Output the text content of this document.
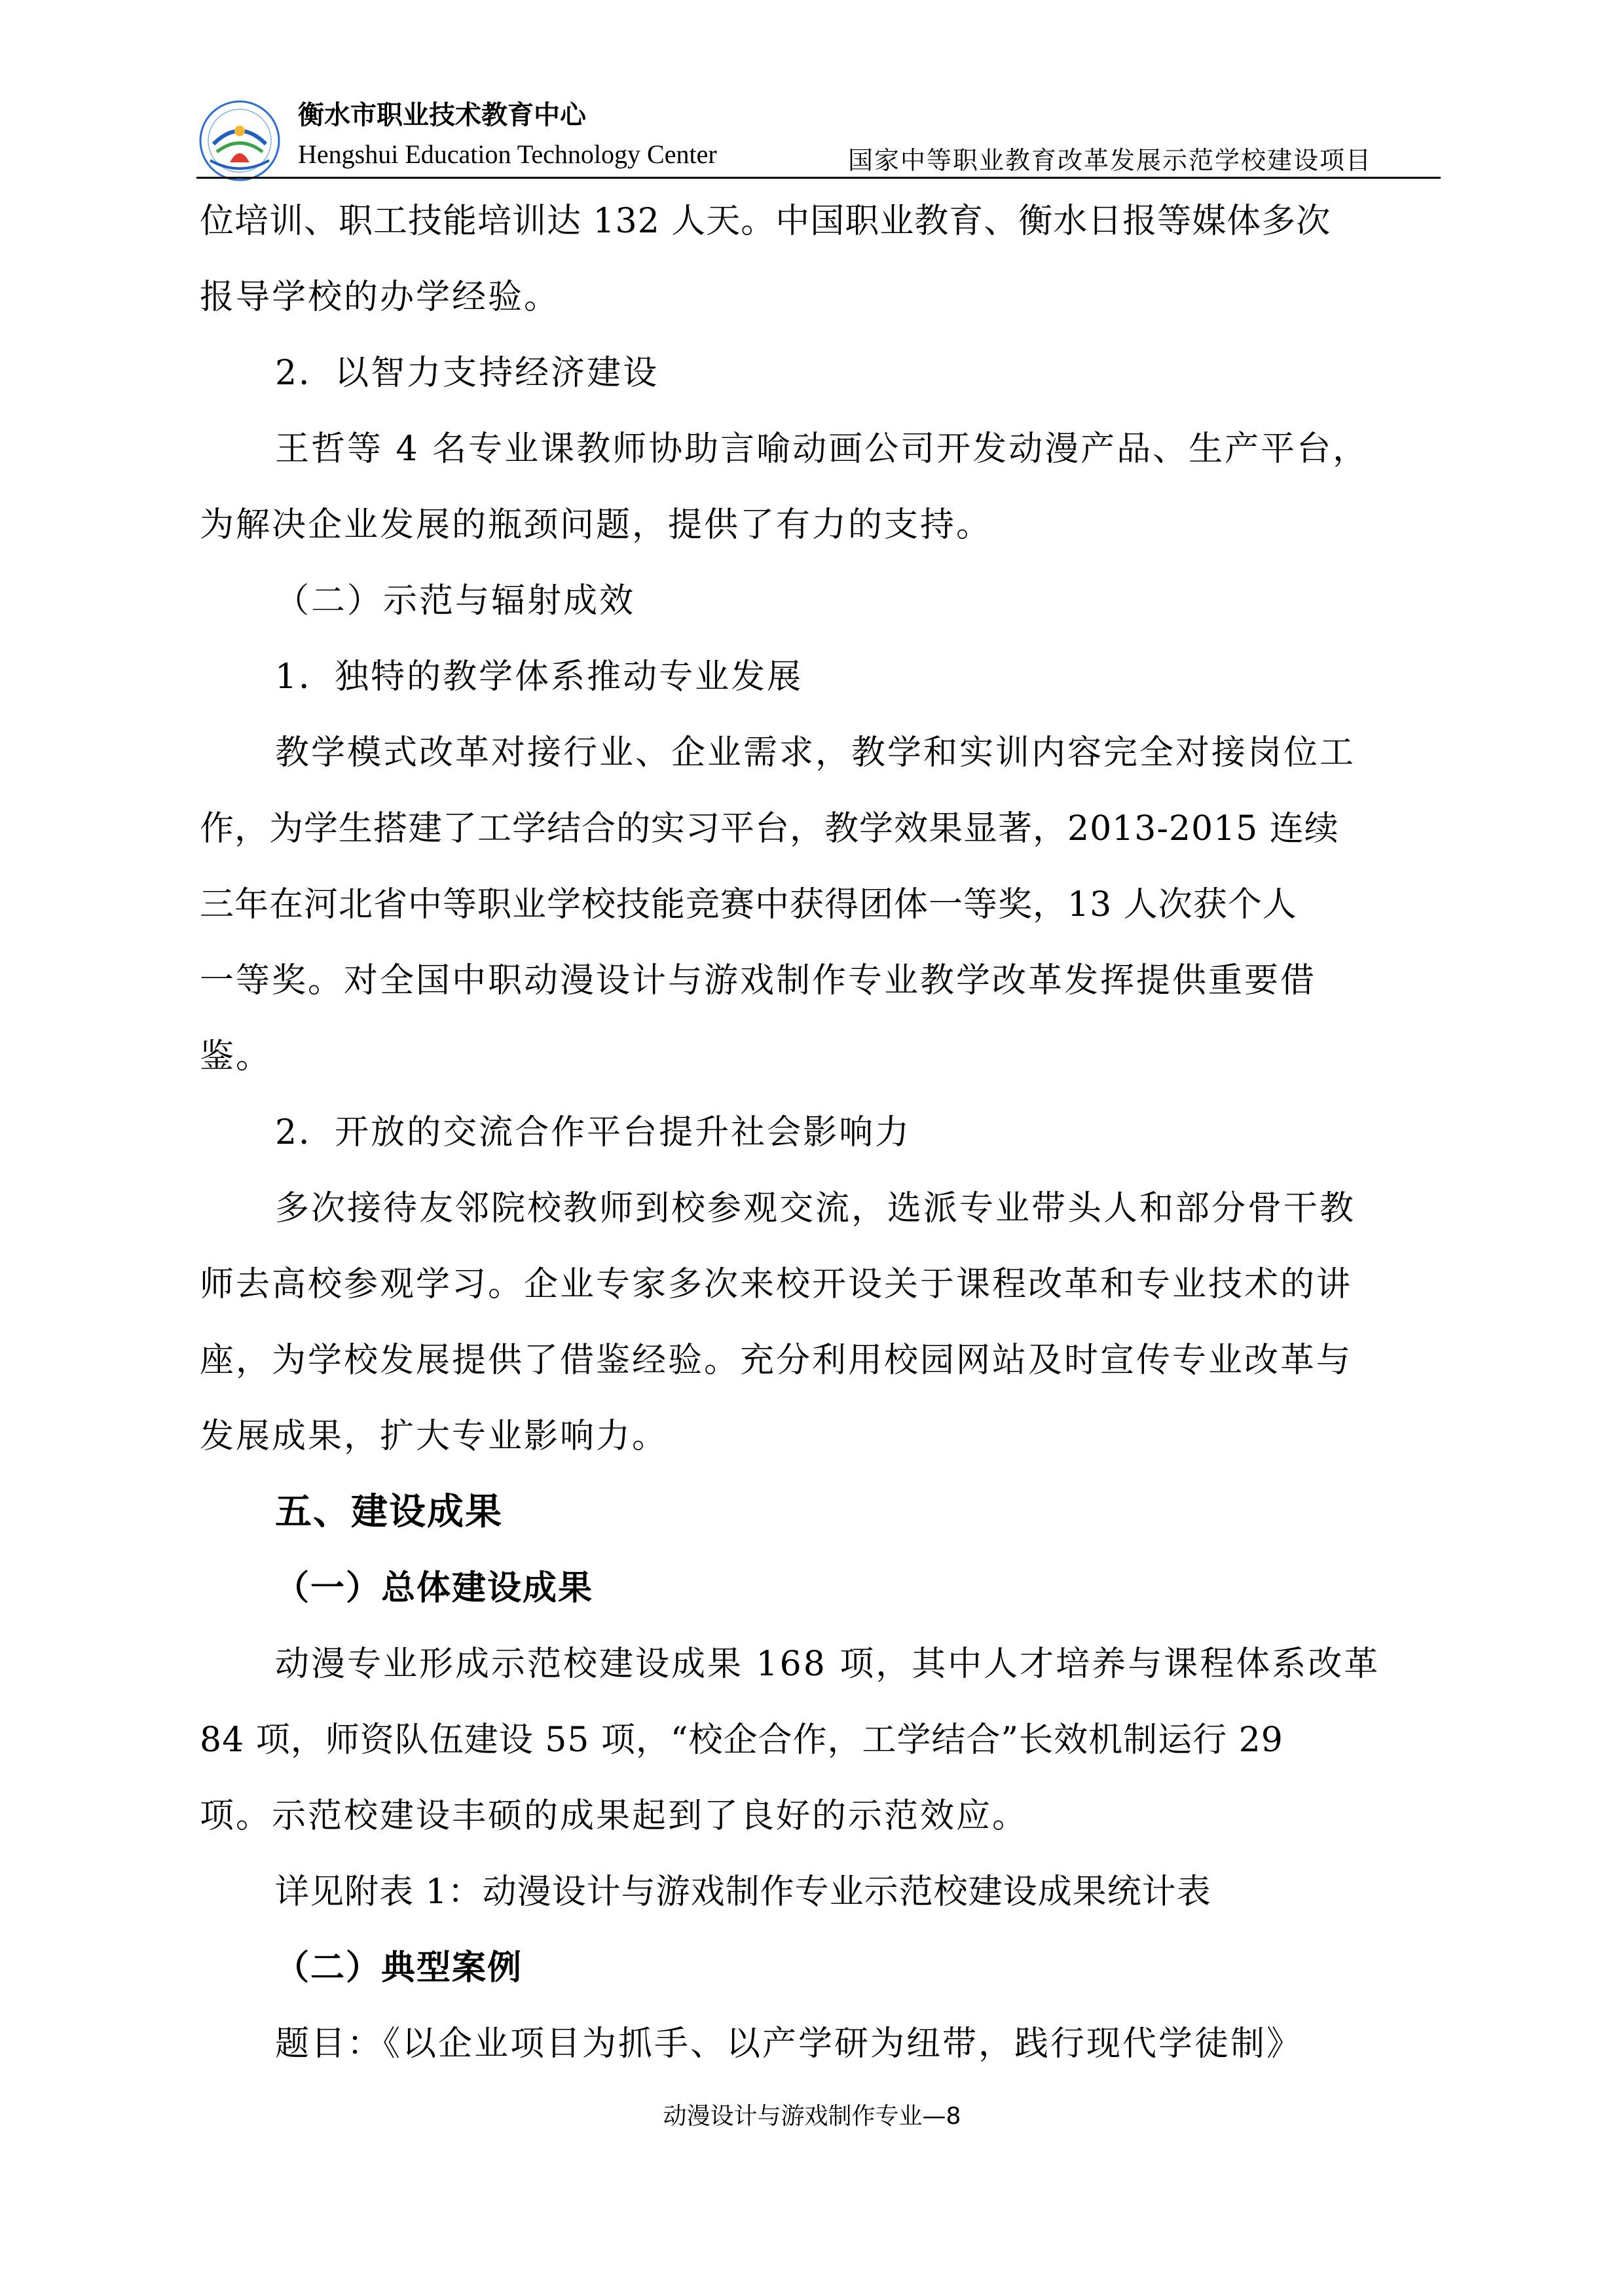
衡水市职业技术教育中心
Hengshui Education Technology Center	国家中等职业教育改革发展示范学校建设项目
位培训、职工技能培训达 132 人天。中国职业教育、衡水日报等媒体多次
报导学校的办学经验。
2．以智力支持经济建设
王哲等 4 名专业课教师协助言喻动画公司开发动漫产品、生产平台，
为解决企业发展的瓶颈问题，提供了有力的支持。
（二）示范与辐射成效
1．独特的教学体系推动专业发展
教学模式改革对接行业、企业需求，教学和实训内容完全对接岗位工
作，为学生搭建了工学结合的实习平台，教学效果显著，2013-2015 连续
三年在河北省中等职业学校技能竞赛中获得团体一等奖，13 人次获个人
一等奖。对全国中职动漫设计与游戏制作专业教学改革发挥提供重要借
鉴。
2．开放的交流合作平台提升社会影响力
多次接待友邻院校教师到校参观交流，选派专业带头人和部分骨干教
师去高校参观学习。企业专家多次来校开设关于课程改革和专业技术的讲
座，为学校发展提供了借鉴经验。充分利用校园网站及时宣传专业改革与
发展成果，扩大专业影响力。
五、建设成果
（一）总体建设成果
动漫专业形成示范校建设成果 168 项，其中人才培养与课程体系改革
84 项，师资队伍建设 55 项，“校企合作，工学结合”长效机制运行 29
项。示范校建设丰硕的成果起到了良好的示范效应。
详见附表 1：动漫设计与游戏制作专业示范校建设成果统计表
（二）典型案例
题目：《以企业项目为抓手、以产学研为纽带，践行现代学徒制》
动漫设计与游戏制作专业—8
